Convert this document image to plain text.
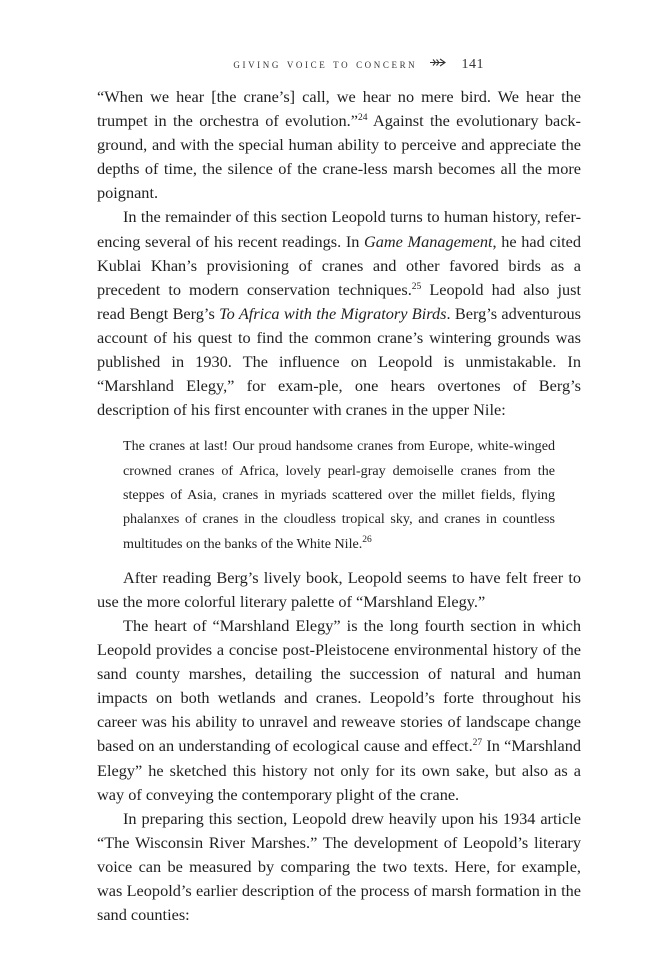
giving voice to concern	141

“When we hear [the crane’s] call, we hear no mere bird. We hear the trumpet in the orchestra of evolution.”$^{24}$ Against the evolutionary back-ground, and with the special human ability to perceive and appreciate the depths of time, the silence of the crane-less marsh becomes all the more poignant.

In the remainder of this section Leopold turns to human history, refer-encing several of his recent readings. In Game Management, he had cited Kublai Khan’s provisioning of cranes and other favored birds as a precedent to modern conservation techniques.$^{25}$ Leopold had also just read Bengt Berg’s To Africa with the Migratory Birds. Berg’s adventurous account of his quest to find the common crane’s wintering grounds was published in 1930. The influence on Leopold is unmistakable. In “Marshland Elegy,” for exam-ple, one hears overtones of Berg’s description of his first encounter with cranes in the upper Nile:

The cranes at last! Our proud handsome cranes from Europe, white-winged crowned cranes of Africa, lovely pearl-gray demoiselle cranes from the steppes of Asia, cranes in myriads scattered over the millet fields, flying phalanxes of cranes in the cloudless tropical sky, and cranes in countless multitudes on the banks of the White Nile.$^{26}$

After reading Berg’s lively book, Leopold seems to have felt freer to use the more colorful literary palette of “Marshland Elegy.”

The heart of “Marshland Elegy” is the long fourth section in which Leopold provides a concise post-Pleistocene environmental history of the sand county marshes, detailing the succession of natural and human impacts on both wetlands and cranes. Leopold’s forte throughout his career was his ability to unravel and reweave stories of landscape change based on an understanding of ecological cause and effect.$^{27}$ In “Marshland Elegy” he sketched this history not only for its own sake, but also as a way of conveying the contemporary plight of the crane.

In preparing this section, Leopold drew heavily upon his 1934 article “The Wisconsin River Marshes.” The development of Leopold’s literary voice can be measured by comparing the two texts. Here, for example, was Leopold’s earlier description of the process of marsh formation in the sand counties:
